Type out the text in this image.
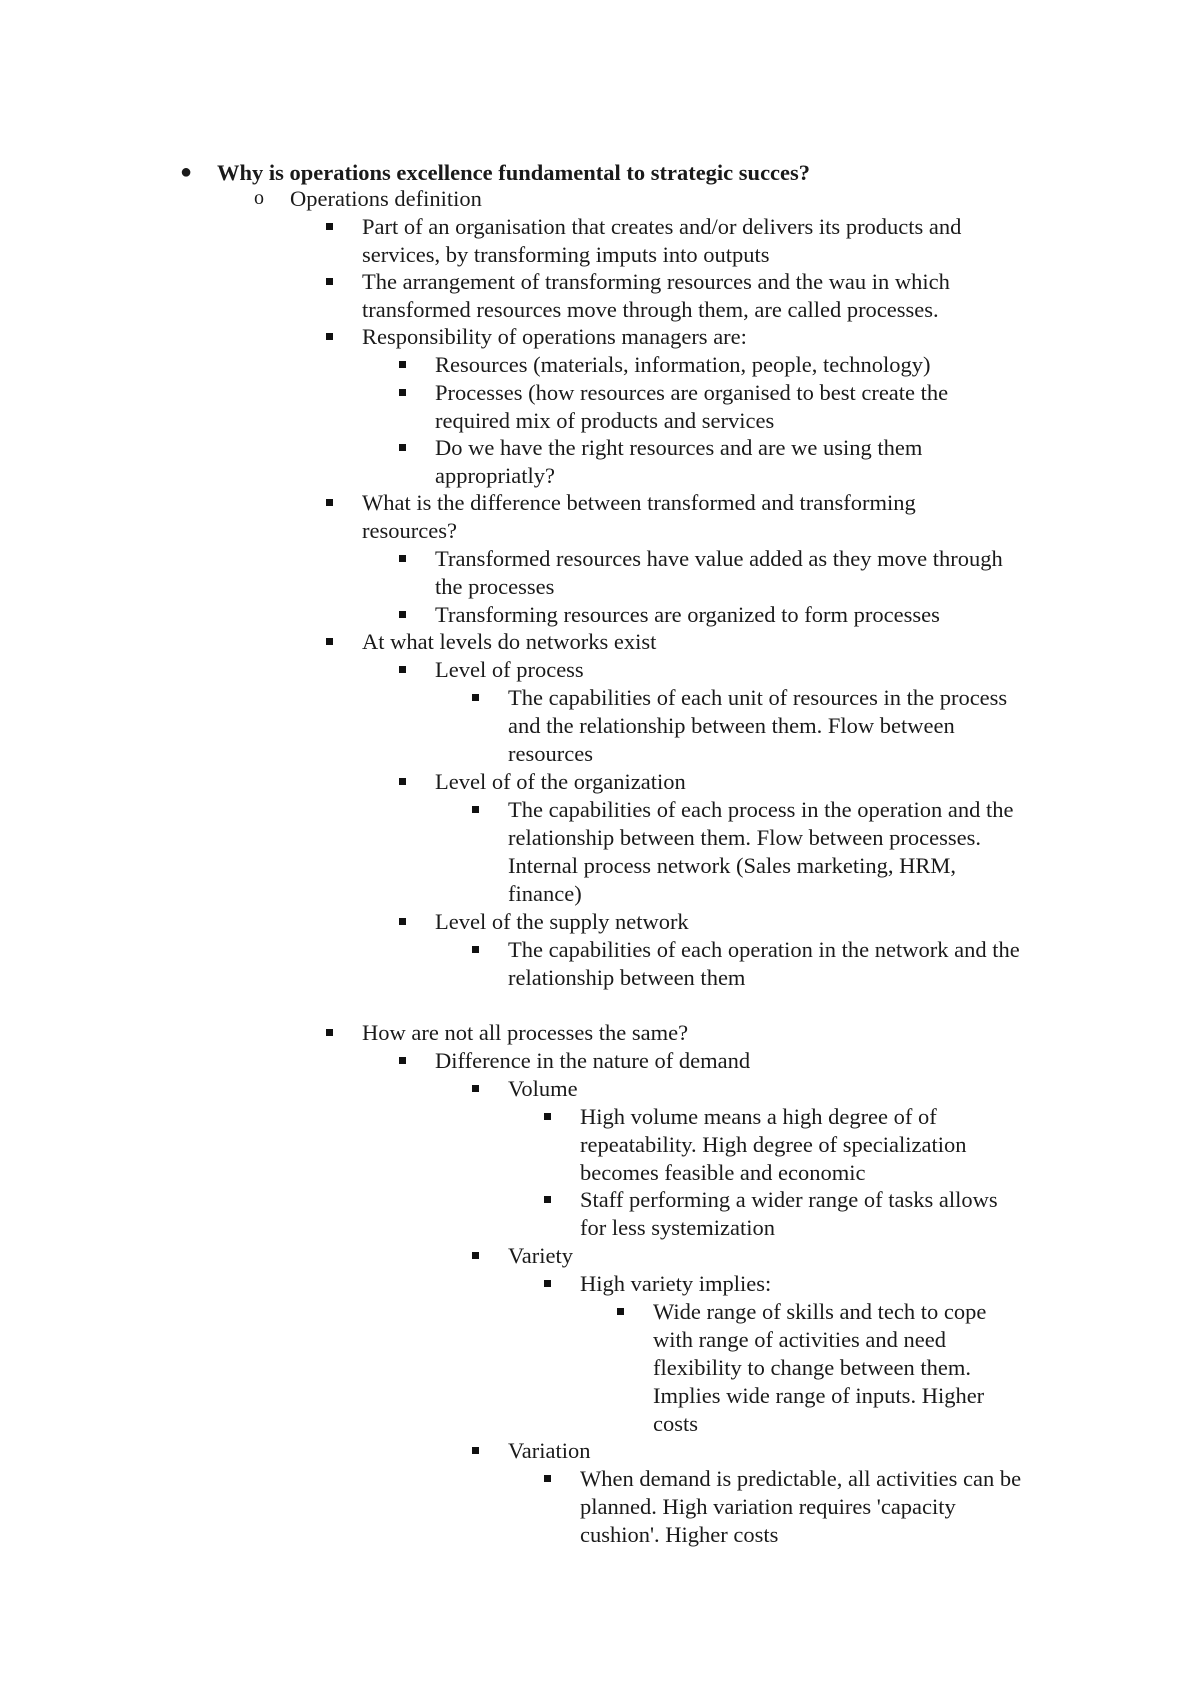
● Why is operations excellence fundamental to strategic succes?
o Operations definition
Part of an organisation that creates and/or delivers its products and
services, by transforming imputs into outputs
The arrangement of transforming resources and the wau in which
transformed resources move through them, are called processes.
Responsibility of operations managers are:
Resources (materials, information, people, technology)
Processes (how resources are organised to best create the
required mix of products and services
Do we have the right resources and are we using them
appropriatly?
What is the difference between transformed and transforming
resources?
Transformed resources have value added as they move through
the processes
Transforming resources are organized to form processes
At what levels do networks exist
Level of process
The capabilities of each unit of resources in the process
and the relationship between them. Flow between
resources
Level of of the organization
The capabilities of each process in the operation and the
relationship between them. Flow between processes.
Internal process network (Sales marketing, HRM,
finance)
Level of the supply network
The capabilities of each operation in the network and the
relationship between them
How are not all processes the same?
Difference in the nature of demand
Volume
High volume means a high degree of of
repeatability. High degree of specialization
becomes feasible and economic
Staff performing a wider range of tasks allows
for less systemization
Variety
High variety implies:
Wide range of skills and tech to cope
with range of activities and need
flexibility to change between them.
Implies wide range of inputs. Higher
costs
Variation
When demand is predictable, all activities can be
planned. High variation requires 'capacity
cushion'. Higher costs
